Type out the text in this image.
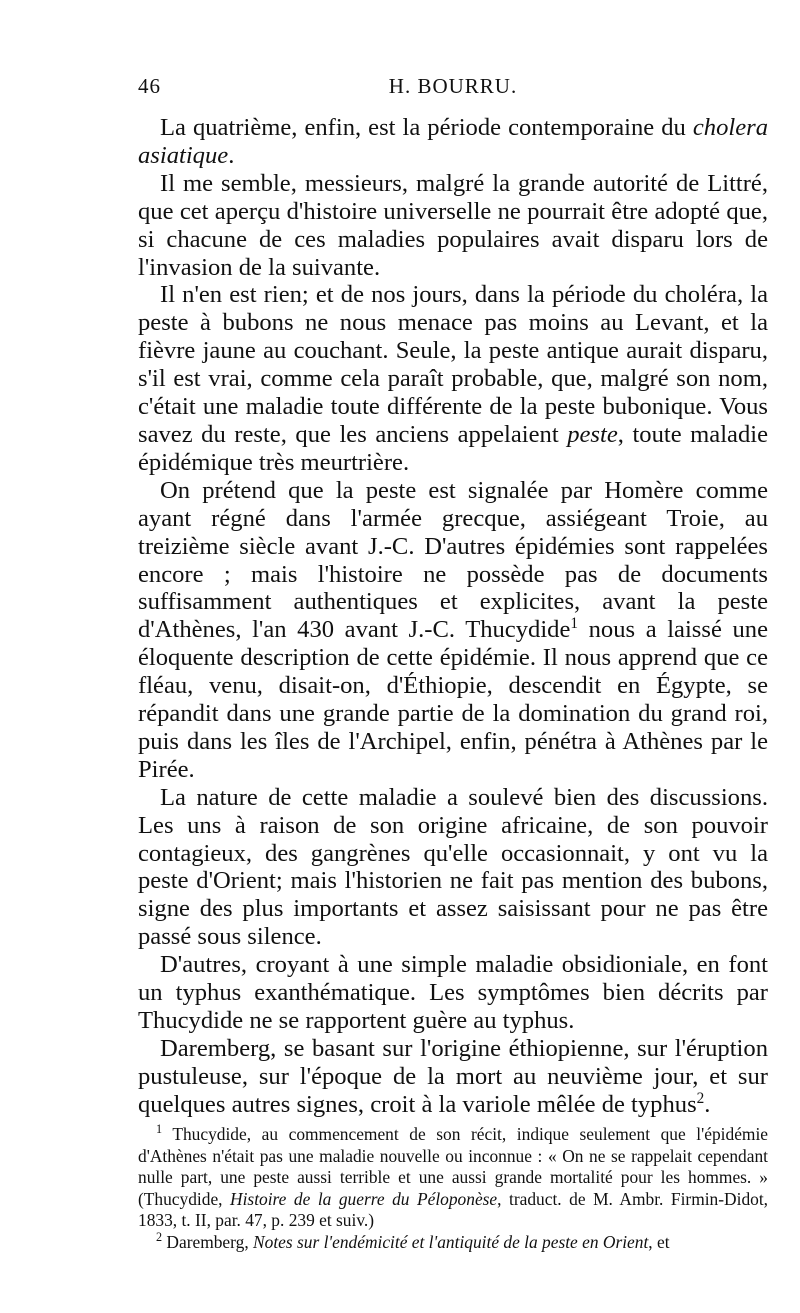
46	H. BOURRU.

La quatrième, enfin, est la période contemporaine du cholera asiatique.

Il me semble, messieurs, malgré la grande autorité de Littré, que cet aperçu d'histoire universelle ne pourrait être adopté que, si chacune de ces maladies populaires avait disparu lors de l'invasion de la suivante.

Il n'en est rien; et de nos jours, dans la période du choléra, la peste à bubons ne nous menace pas moins au Levant, et la fièvre jaune au couchant. Seule, la peste antique aurait disparu, s'il est vrai, comme cela paraît probable, que, malgré son nom, c'était une maladie toute différente de la peste bubonique. Vous savez du reste, que les anciens appelaient peste, toute maladie épidémique très meurtrière.

On prétend que la peste est signalée par Homère comme ayant régné dans l'armée grecque, assiégeant Troie, au treizième siècle avant J.-C. D'autres épidémies sont rappelées encore ; mais l'histoire ne possède pas de documents suffisamment authentiques et explicites, avant la peste d'Athènes, l'an 430 avant J.-C. Thucydide$^1$ nous a laissé une éloquente description de cette épidémie. Il nous apprend que ce fléau, venu, disait-on, d'Éthiopie, descendit en Égypte, se répandit dans une grande partie de la domination du grand roi, puis dans les îles de l'Archipel, enfin, pénétra à Athènes par le Pirée.

La nature de cette maladie a soulevé bien des discussions. Les uns à raison de son origine africaine, de son pouvoir contagieux, des gangrènes qu'elle occasionnait, y ont vu la peste d'Orient; mais l'historien ne fait pas mention des bubons, signe des plus importants et assez saisissant pour ne pas être passé sous silence.

D'autres, croyant à une simple maladie obsidioniale, en font un typhus exanthématique. Les symptômes bien décrits par Thucydide ne se rapportent guère au typhus.

Daremberg, se basant sur l'origine éthiopienne, sur l'éruption pustuleuse, sur l'époque de la mort au neuvième jour, et sur quelques autres signes, croit à la variole mêlée de typhus$^2$.

$^1$ Thucydide, au commencement de son récit, indique seulement que l'épidémie d'Athènes n'était pas une maladie nouvelle ou inconnue : « On ne se rappelait cependant nulle part, une peste aussi terrible et une aussi grande mortalité pour les hommes. » (Thucydide, Histoire de la guerre du Péloponèse, traduct. de M. Ambr. Firmin-Didot, 1833, t. II, par. 47, p. 239 et suiv.)

$^2$ Daremberg, Notes sur l'endémicité et l'antiquité de la peste en Orient, et
